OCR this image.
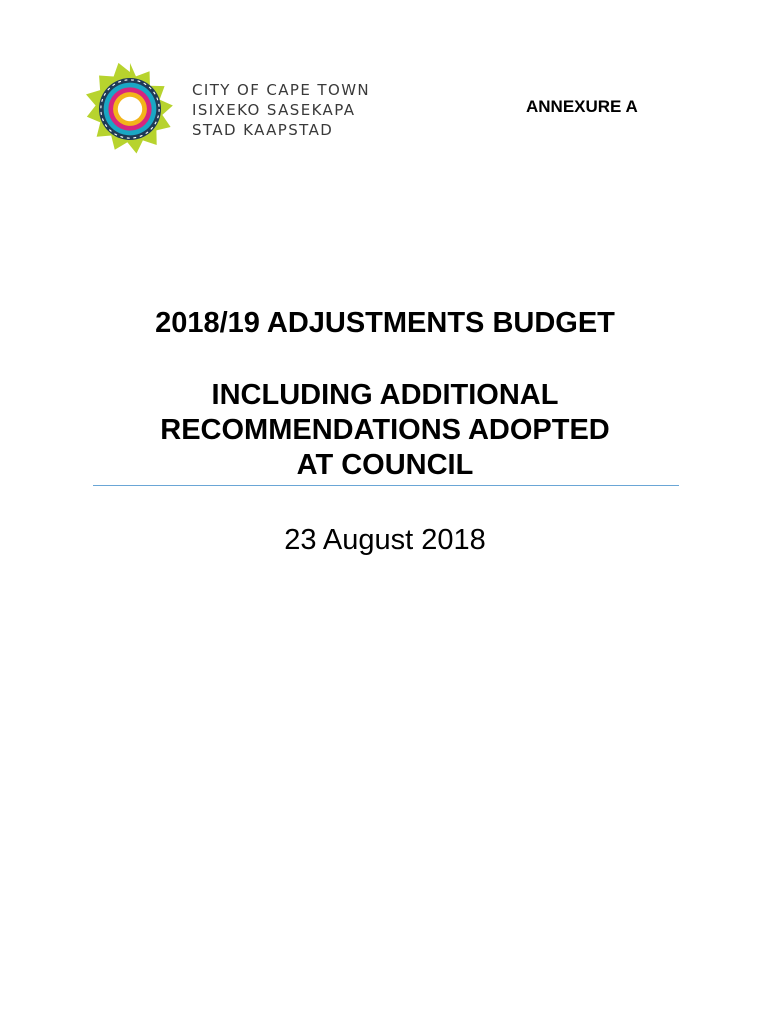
CITY OF CAPE TOWN
ISIXEKO SASEKAPA
STAD KAAPSTAD
ANNEXURE A
2018/19 ADJUSTMENTS BUDGET
INCLUDING ADDITIONAL
RECOMMENDATIONS ADOPTED
AT COUNCIL
23 August 2018
